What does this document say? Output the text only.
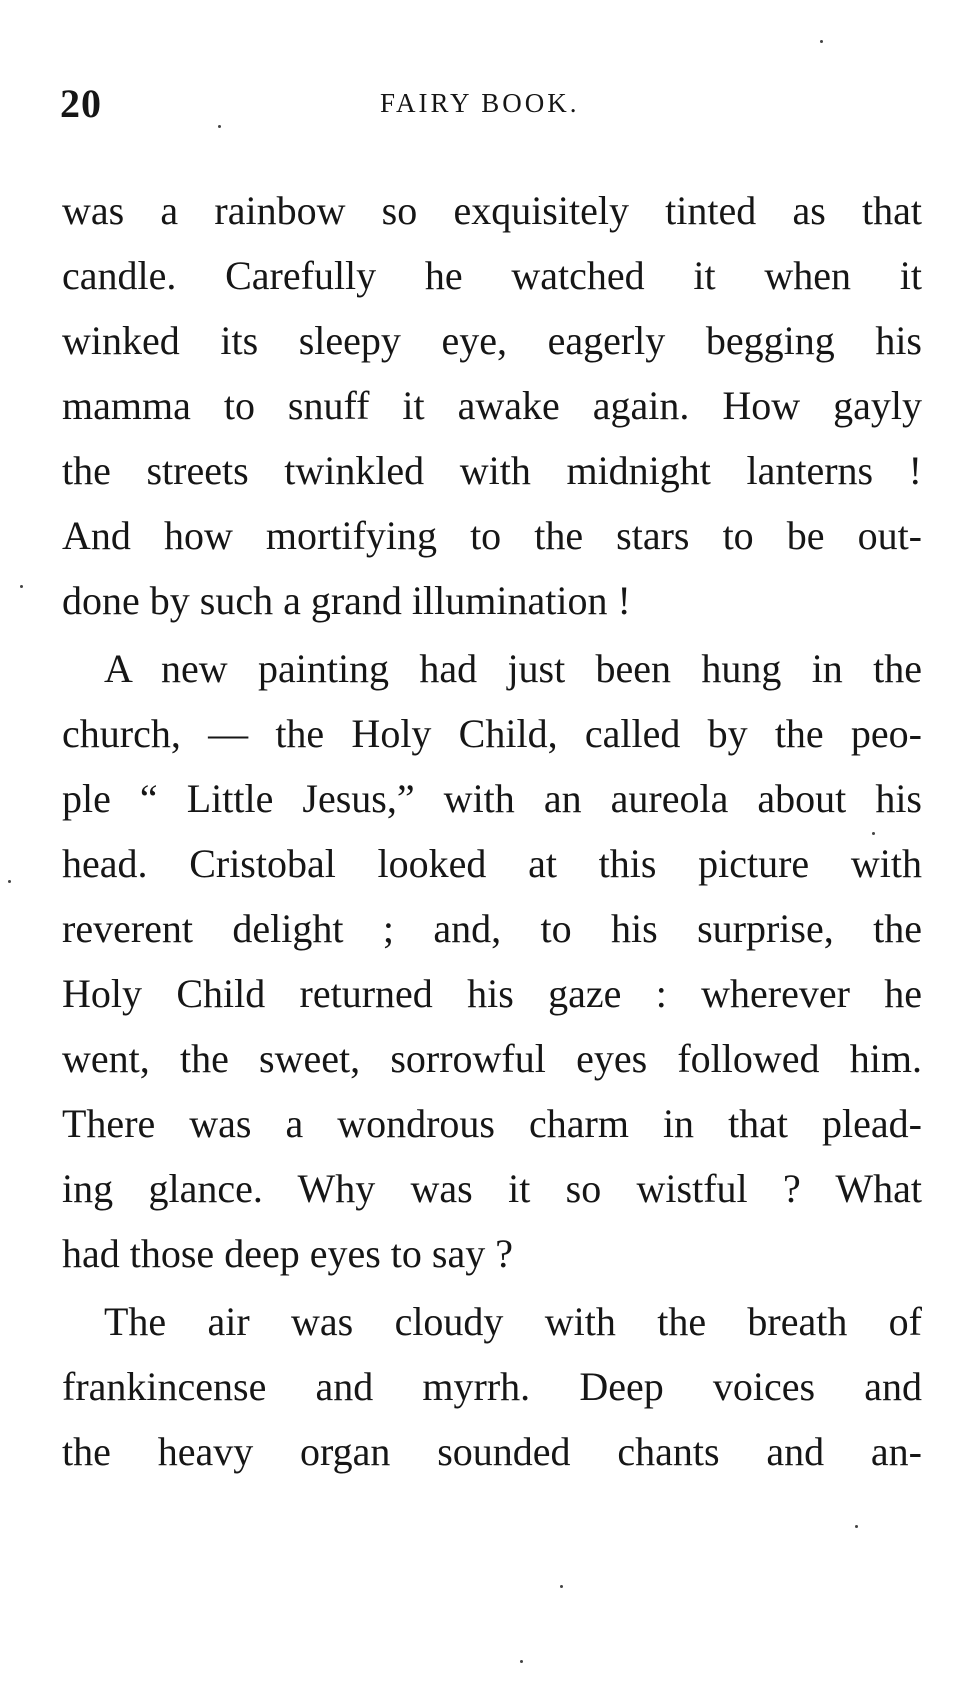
20	FAIRY BOOK.
was a rainbow so exquisitely tinted as that
candle. Carefully he watched it when it
winked its sleepy eye, eagerly begging his
mamma to snuff it awake again. How gayly
the streets twinkled with midnight lanterns !
And how mortifying to the stars to be out-
done by such a grand illumination !
A new painting had just been hung in the
church, — the Holy Child, called by the peo-
ple “ Little Jesus,” with an aureola about his
head. Cristobal looked at this picture with
reverent delight ; and, to his surprise, the
Holy Child returned his gaze : wherever he
went, the sweet, sorrowful eyes followed him.
There was a wondrous charm in that plead-
ing glance. Why was it so wistful ? What
had those deep eyes to say ?
The air was cloudy with the breath of
frankincense and myrrh. Deep voices and
the heavy organ sounded chants and an-
